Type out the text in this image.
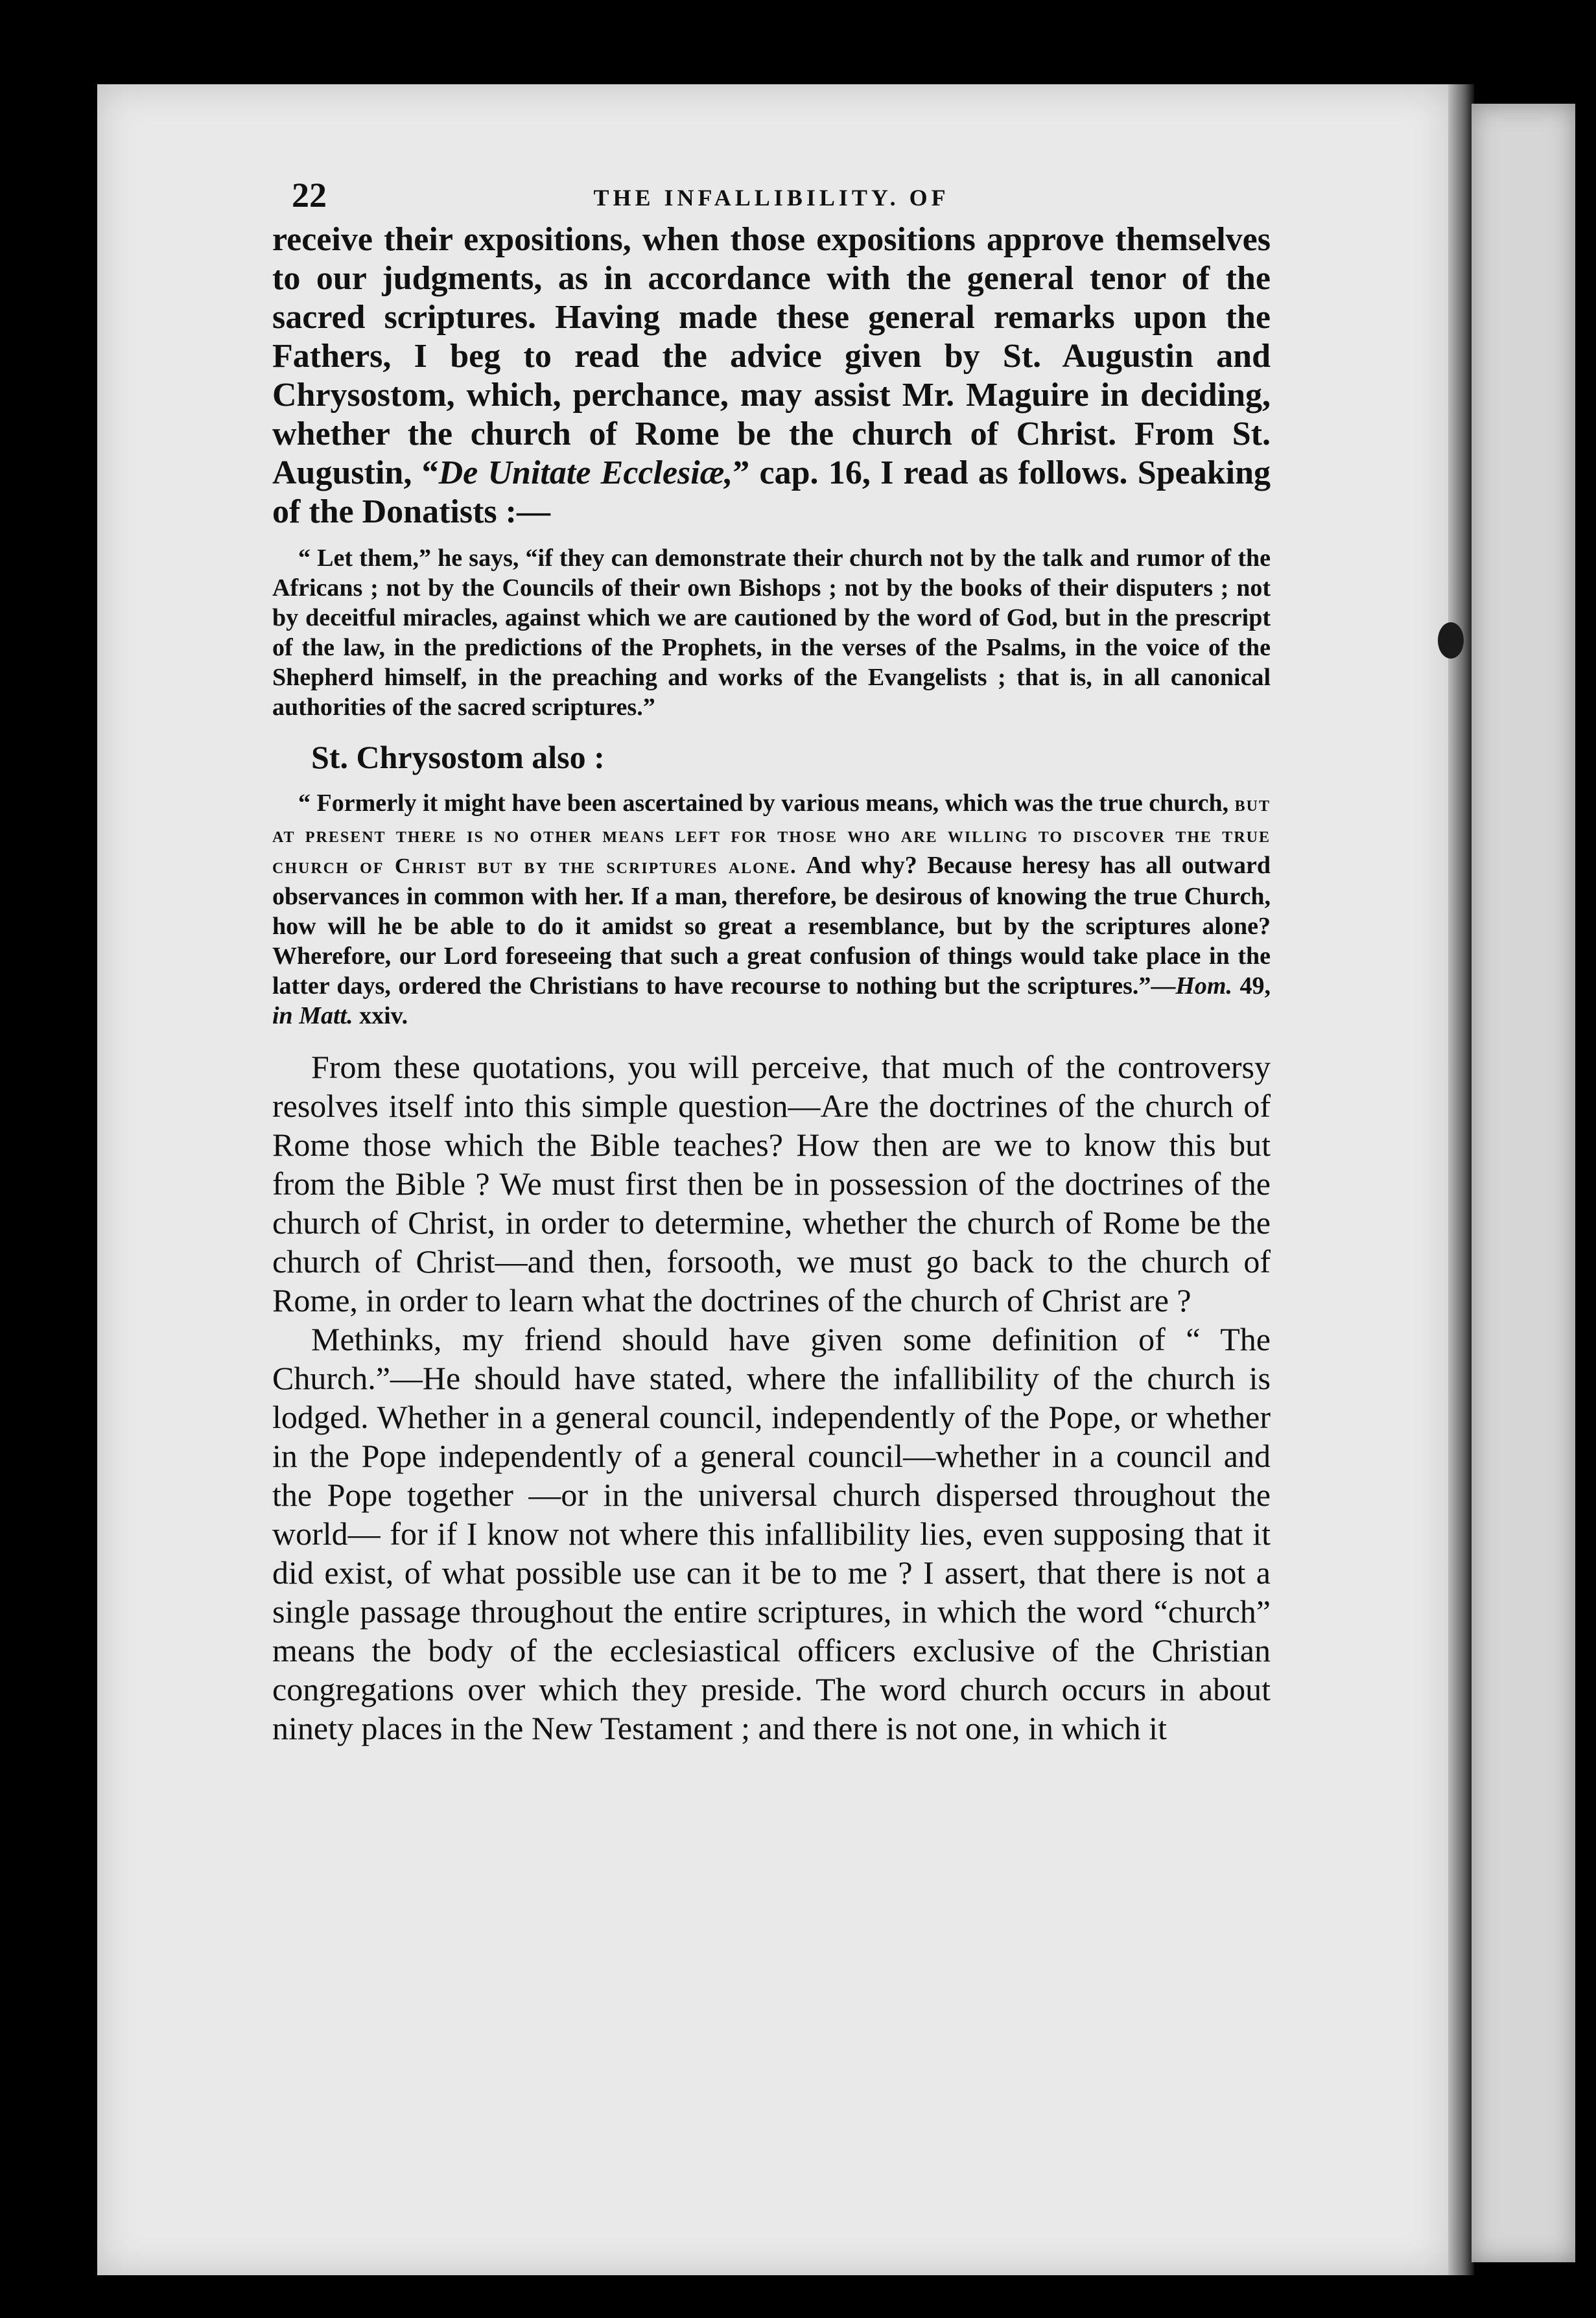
22	THE INFALLIBILITY. OF

receive their expositions, when those expositions approve themselves to our judgments, as in accordance with the general tenor of the sacred scriptures. Having made these general remarks upon the Fathers, I beg to read the advice given by St. Augustin and Chrysostom, which, perchance, may assist Mr. Maguire in deciding, whether the church of Rome be the church of Christ. From St. Augustin, “De Unitate Ecclesiæ,” cap. 16, I read as follows. Speaking of the Donatists :—

“ Let them,” he says, “if they can demonstrate their church not by the talk and rumor of the Africans ; not by the Councils of their own Bishops ; not by the books of their disputers ; not by deceitful miracles, against which we are cautioned by the word of God, but in the prescript of the law, in the predictions of the Prophets, in the verses of the Psalms, in the voice of the Shepherd himself, in the preaching and works of the Evangelists ; that is, in all canonical authorities of the sacred scriptures.”

St. Chrysostom also :

“ Formerly it might have been ascertained by various means, which was the true church, but at present there is no other means left for those who are willing to discover the true church of Christ but by the scriptures alone. And why? Because heresy has all outward observances in common with her. If a man, therefore, be desirous of knowing the true Church, how will he be able to do it amidst so great a resemblance, but by the scriptures alone? Wherefore, our Lord foreseeing that such a great confusion of things would take place in the latter days, ordered the Christians to have recourse to nothing but the scriptures.”—Hom. 49, in Matt. xxiv.

From these quotations, you will perceive, that much of the controversy resolves itself into this simple question—Are the doctrines of the church of Rome those which the Bible teaches? How then are we to know this but from the Bible ? We must first then be in possession of the doctrines of the church of Christ, in order to determine, whether the church of Rome be the church of Christ—and then, forsooth, we must go back to the church of Rome, in order to learn what the doctrines of the church of Christ are ?

Methinks, my friend should have given some definition of “ The Church.”—He should have stated, where the infallibility of the church is lodged. Whether in a general council, independently of the Pope, or whether in the Pope independently of a general council—whether in a council and the Pope together —or in the universal church dispersed throughout the world— for if I know not where this infallibility lies, even supposing that it did exist, of what possible use can it be to me ? I assert, that there is not a single passage throughout the entire scriptures, in which the word “church” means the body of the ecclesiastical officers exclusive of the Christian congregations over which they preside. The word church occurs in about ninety places in the New Testament ; and there is not one, in which it
